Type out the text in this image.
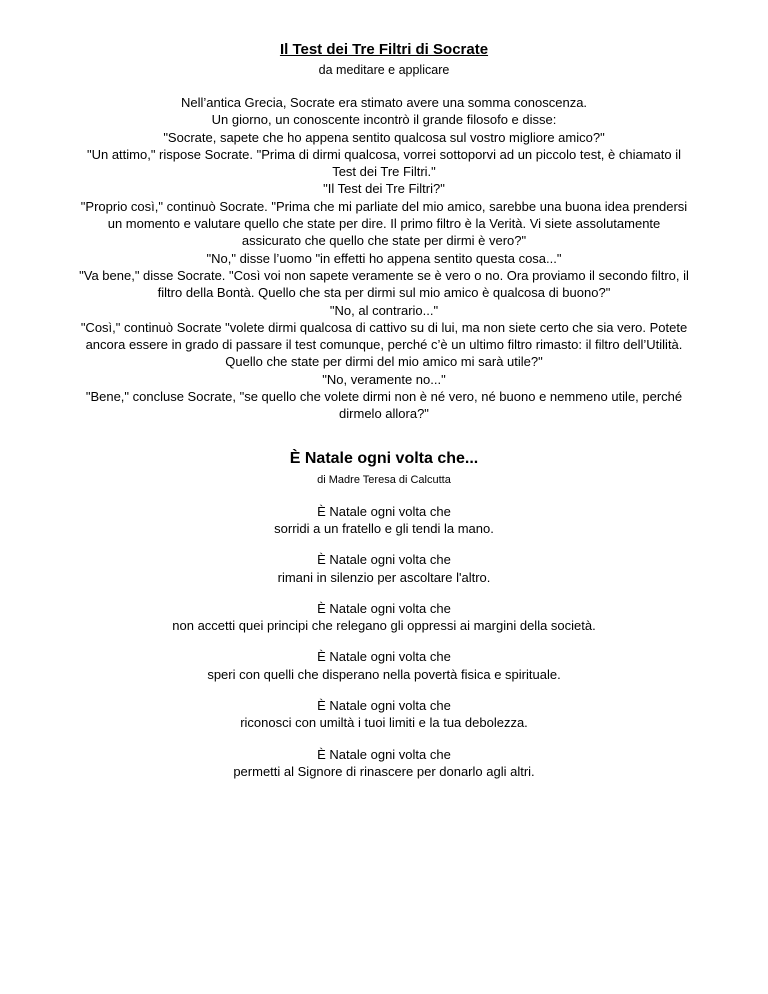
Il Test dei Tre Filtri di Socrate
da meditare e applicare

Nell’antica Grecia, Socrate era stimato avere una somma conoscenza.

Un giorno, un conoscente incontrò il grande filosofo e disse:

"Socrate, sapete che ho appena sentito qualcosa sul vostro migliore amico?"

"Un attimo," rispose Socrate. "Prima di dirmi qualcosa, vorrei sottoporvi ad un piccolo test, è chiamato il

Test dei Tre Filtri."

"Il Test dei Tre Filtri?"

"Proprio così," continuò Socrate. "Prima che mi parliate del mio amico, sarebbe una buona idea prendersi

un momento e valutare quello che state per dire. Il primo filtro è la Verità. Vi siete assolutamente

assicurato che quello che state per dirmi è vero?"

"No," disse l’uomo "in effetti ho appena sentito questa cosa..."

"Va bene," disse Socrate. "Così voi non sapete veramente se è vero o no. Ora proviamo il secondo filtro, il

filtro della Bontà. Quello che sta per dirmi sul mio amico è qualcosa di buono?"

"No, al contrario..."

"Così," continuò Socrate "volete dirmi qualcosa di cattivo su di lui, ma non siete certo che sia vero. Potete

ancora essere in grado di passare il test comunque, perché c’è un ultimo filtro rimasto: il filtro dell’Utilità.

Quello che state per dirmi del mio amico mi sarà utile?"

"No, veramente no..."

"Bene," concluse Socrate, "se quello che volete dirmi non è né vero, né buono e nemmeno utile, perché

dirmelo allora?"

È Natale ogni volta che...
di Madre Teresa di Calcutta

È Natale ogni volta che

sorridi a un fratello e gli tendi la mano.

È Natale ogni volta che

rimani in silenzio per ascoltare l'altro.

È Natale ogni volta che

non accetti quei principi che relegano gli oppressi ai margini della società.

È Natale ogni volta che

speri con quelli che disperano nella povertà fisica e spirituale.

È Natale ogni volta che

riconosci con umiltà i tuoi limiti e la tua debolezza.

È Natale ogni volta che

permetti al Signore di rinascere per donarlo agli altri.
